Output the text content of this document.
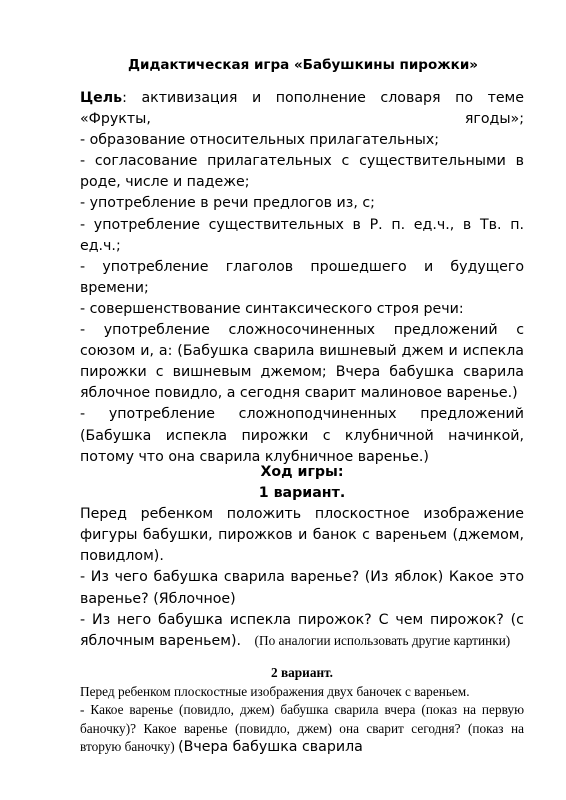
Дидактическая игра «Бабушкины пирожки»

Цель: активизация и пополнение словаря по теме «Фрукты, ягоды»;

- образование относительных прилагательных;

- согласование прилагательных с существительными в роде, числе и падеже;

- употребление в речи предлогов из, с;

- употребление существительных в Р. п. ед.ч., в Тв. п. ед.ч.;

- употребление глаголов прошедшего и будущего времени;

- совершенствование синтаксического строя речи:

- употребление сложносочиненных предложений с союзом и, а: (Бабушка сварила вишневый джем и испекла пирожки с вишневым джемом; Вчера бабушка сварила яблочное повидло, а сегодня сварит малиновое варенье.)

- употребление сложноподчиненных предложений (Бабушка испекла пирожки с клубничной начинкой, потому что она сварила клубничное варенье.)

Ход игры:

1 вариант.

Перед ребенком положить плоскостное изображение фигуры бабушки, пирожков и банок с вареньем (джемом, повидлом).

- Из чего бабушка сварила варенье? (Из яблок) Какое это варенье? (Яблочное)

- Из него бабушка испекла пирожок? С чем пирожок? (с яблочным вареньем). (По аналогии использовать другие картинки)

2 вариант.

Перед ребенком плоскостные изображения двух баночек с вареньем.

- Какое варенье (повидло, джем) бабушка сварила вчера (показ на первую баночку)? Какое варенье (повидло, джем) она сварит сегодня? (показ на вторую баночку) (Вчера бабушка сварила
